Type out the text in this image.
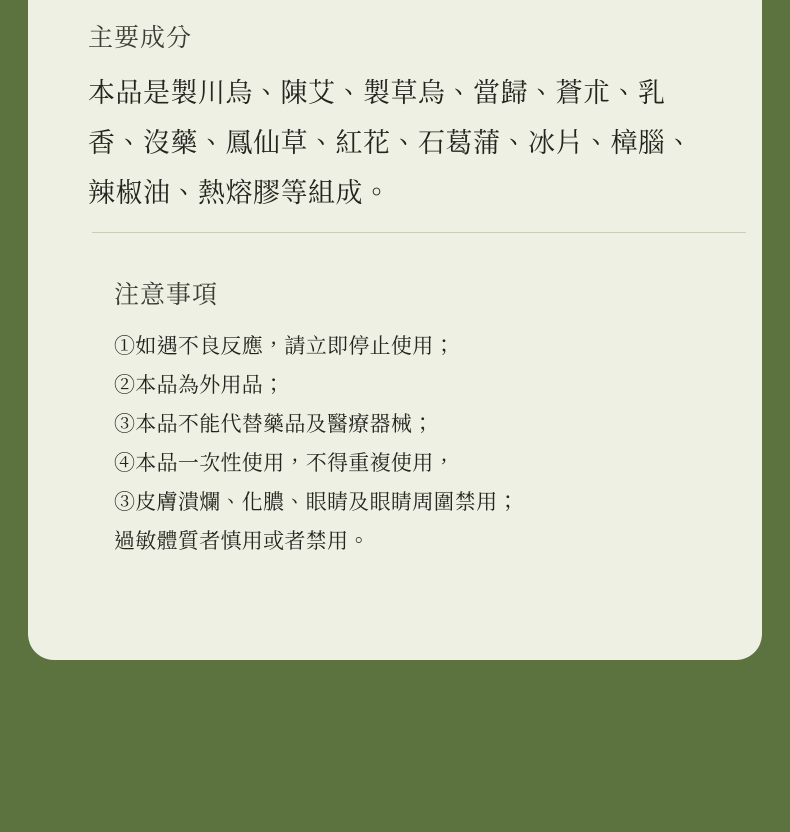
主要成分

本品是製川烏、陳艾、製草烏、當歸、蒼朮、乳香、沒藥、鳳仙草、紅花、石葛蒲、冰片、樟腦、辣椒油、熱熔膠等組成。

注意事項
①如遇不良反應，請立即停止使用；
②本品為外用品；
③本品不能代替藥品及醫療器械；
④本品一次性使用，不得重複使用，
③皮膚潰爛、化膿、眼睛及眼睛周圍禁用；

過敏體質者慎用或者禁用。
